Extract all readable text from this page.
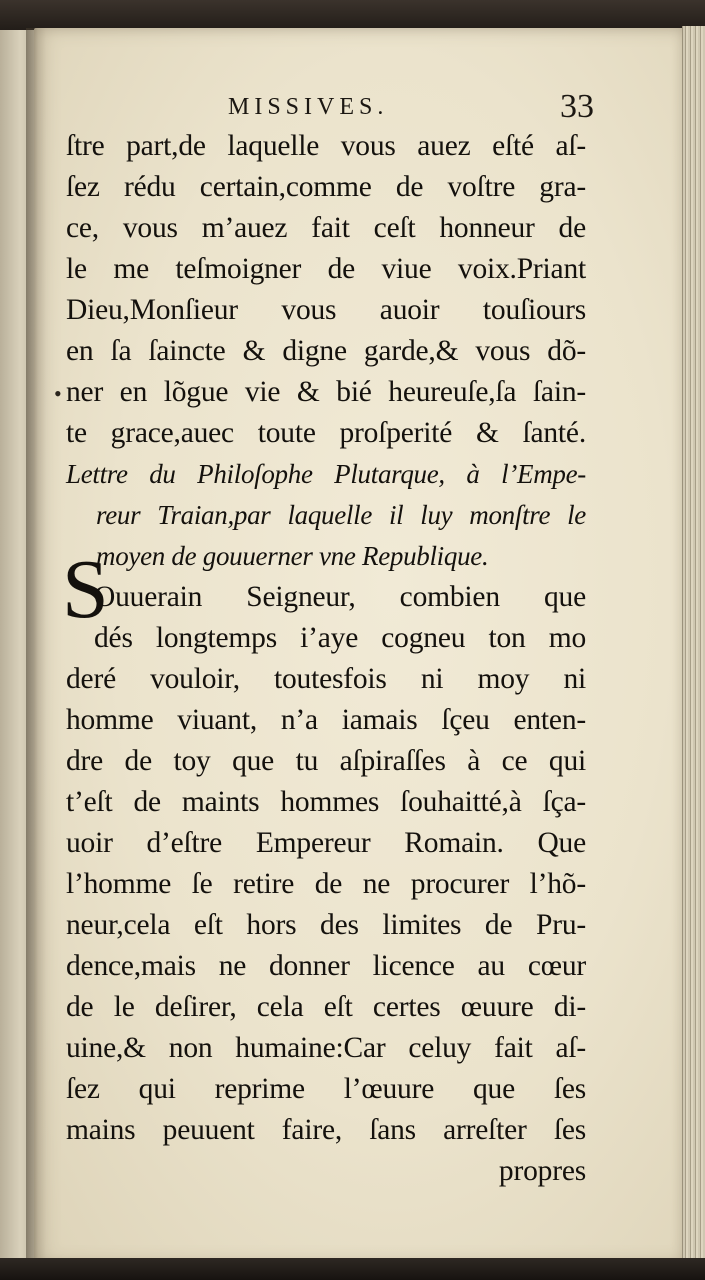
MISSIVES.	33
•
S
ſtre part,de laquelle vous auez eſté aſ-
ſez rédu certain,comme de voſtre gra-
ce, vous m’auez fait ceſt honneur de
le me teſmoigner de viue voix.Priant
Dieu,Monſieur vous auoir touſiours
en ſa ſaincte & digne garde,& vous dõ-
ner en lõgue vie & bié heureuſe,ſa ſain-
te grace,auec toute proſperité & ſanté.
Lettre du Philoſophe Plutarque, à l’Empe-
reur Traian,par laquelle il luy monſtre le
moyen de gouuerner vne Republique.
Ouuerain Seigneur, combien que
dés longtemps i’aye cogneu ton mo
deré vouloir, toutesfois ni moy ni
homme viuant, n’a iamais ſçeu enten-
dre de toy que tu aſpiraſſes à ce qui
t’eſt de maints hommes ſouhaitté,à ſça-
uoir d’eſtre Empereur Romain. Que
l’homme ſe retire de ne procurer l’hõ-
neur,cela eſt hors des limites de Pru-
dence,mais ne donner licence au cœur
de le deſirer, cela eſt certes œuure di-
uine,& non humaine:Car celuy fait aſ-
ſez qui reprime l’œuure que ſes
mains peuuent faire, ſans arreſter ſes
propres
